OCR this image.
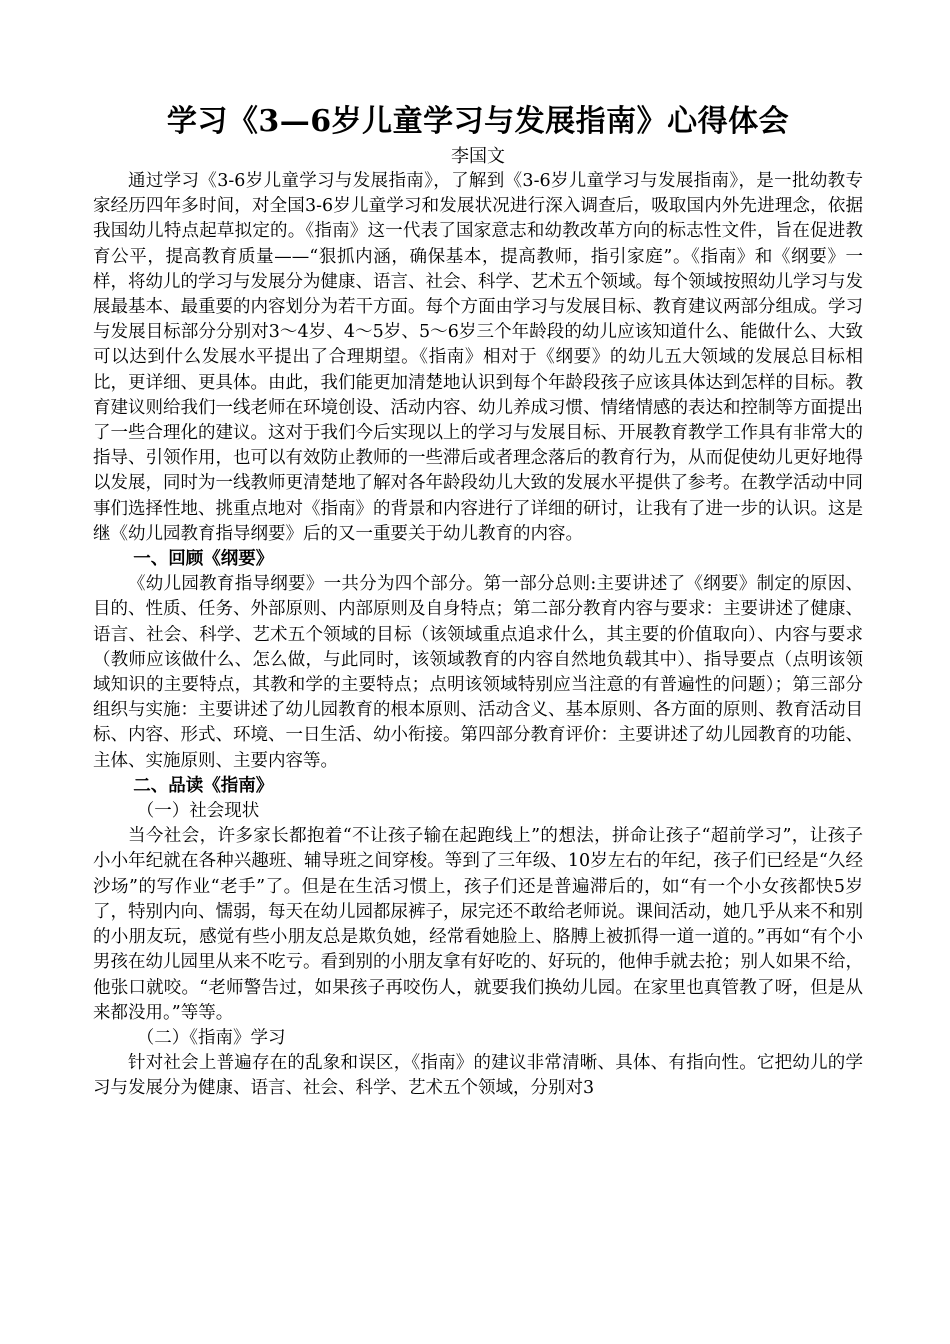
学习《3—6岁儿童学习与发展指南》心得体会

李国文

通过学习《3-6岁儿童学习与发展指南》，了解到《3-6岁儿童学习与发展指南》，是一批幼教专家经历四年多时间，对全国3-6岁儿童学习和发展状况进行深入调查后，吸取国内外先进理念，依据我国幼儿特点起草拟定的。《指南》这一代表了国家意志和幼教改革方向的标志性文件，旨在促进教育公平，提高教育质量——“狠抓内涵，确保基本，提高教师，指引家庭”。《指南》和《纲要》一样，将幼儿的学习与发展分为健康、语言、社会、科学、艺术五个领域。每个领域按照幼儿学习与发展最基本、最重要的内容划分为若干方面。每个方面由学习与发展目标、教育建议两部分组成。学习与发展目标部分分别对3～4岁、4～5岁、5～6岁三个年龄段的幼儿应该知道什么、能做什么、大致可以达到什么发展水平提出了合理期望。《指南》相对于《纲要》的幼儿五大领域的发展总目标相比，更详细、更具体。由此，我们能更加清楚地认识到每个年龄段孩子应该具体达到怎样的目标。教育建议则给我们一线老师在环境创设、活动内容、幼儿养成习惯、情绪情感的表达和控制等方面提出了一些合理化的建议。这对于我们今后实现以上的学习与发展目标、开展教育教学工作具有非常大的指导、引领作用，也可以有效防止教师的一些滞后或者理念落后的教育行为，从而促使幼儿更好地得以发展，同时为一线教师更清楚地了解对各年龄段幼儿大致的发展水平提供了参考。在教学活动中同事们选择性地、挑重点地对《指南》的背景和内容进行了详细的研讨，让我有了进一步的认识。这是继《幼儿园教育指导纲要》后的又一重要关于幼儿教育的内容。

一、回顾《纲要》

《幼儿园教育指导纲要》一共分为四个部分。第一部分总则:主要讲述了《纲要》制定的原因、目的、性质、任务、外部原则、内部原则及自身特点；第二部分教育内容与要求：主要讲述了健康、语言、社会、科学、艺术五个领域的目标（该领域重点追求什么，其主要的价值取向）、内容与要求（教师应该做什么、怎么做，与此同时，该领域教育的内容自然地负载其中）、指导要点（点明该领域知识的主要特点，其教和学的主要特点；点明该领域特别应当注意的有普遍性的问题）；第三部分组织与实施：主要讲述了幼儿园教育的根本原则、活动含义、基本原则、各方面的原则、教育活动目标、内容、形式、环境、一日生活、幼小衔接。第四部分教育评价：主要讲述了幼儿园教育的功能、主体、实施原则、主要内容等。

二、品读《指南》

（一）社会现状

当今社会，许多家长都抱着“不让孩子输在起跑线上”的想法，拼命让孩子“超前学习”，让孩子小小年纪就在各种兴趣班、辅导班之间穿梭。等到了三年级、10岁左右的年纪，孩子们已经是“久经沙场”的写作业“老手”了。但是在生活习惯上，孩子们还是普遍滞后的，如“有一个小女孩都快5岁了，特别内向、懦弱，每天在幼儿园都尿裤子，尿完还不敢给老师说。课间活动，她几乎从来不和别的小朋友玩，感觉有些小朋友总是欺负她，经常看她脸上、胳膊上被抓得一道一道的。”再如“有个小男孩在幼儿园里从来不吃亏。看到别的小朋友拿有好吃的、好玩的，他伸手就去抢；别人如果不给，他张口就咬。“老师警告过，如果孩子再咬伤人，就要我们换幼儿园。在家里也真管教了呀，但是从来都没用。”等等。

（二）《指南》学习

针对社会上普遍存在的乱象和误区，《指南》的建议非常清晰、具体、有指向性。它把幼儿的学习与发展分为健康、语言、社会、科学、艺术五个领域，分别对3
